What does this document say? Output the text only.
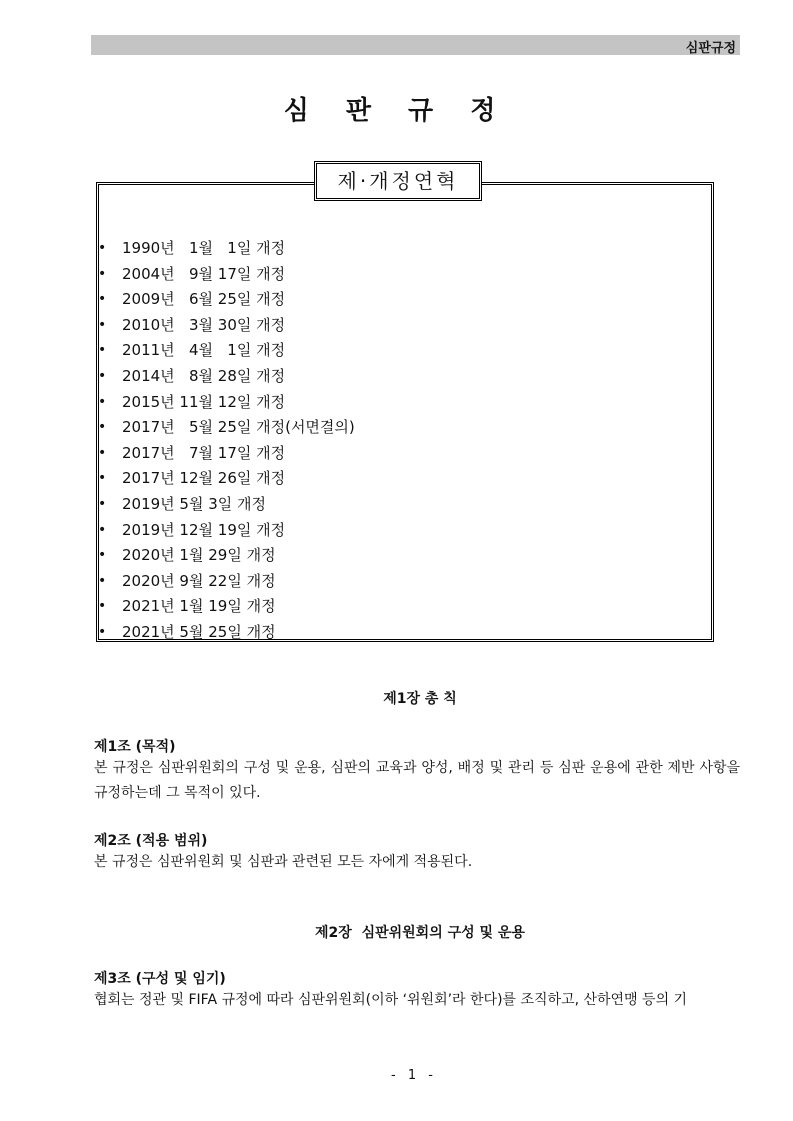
심판규정
심 판 규 정
제·개정연혁
• 1990년   1월   1일 개정
• 2004년   9월 17일 개정
• 2009년   6월 25일 개정
• 2010년   3월 30일 개정
• 2011년   4월   1일 개정
• 2014년   8월 28일 개정
• 2015년 11월 12일 개정
• 2017년   5월 25일 개정(서면결의)
• 2017년   7월 17일 개정
• 2017년 12월 26일 개정
• 2019년 5월 3일 개정
• 2019년 12월 19일 개정
• 2020년 1월 29일 개정
• 2020년 9월 22일 개정
• 2021년 1월 19일 개정
• 2021년 5월 25일 개정
제1장 총 칙
제1조 (목적)
본 규정은 심판위원회의 구성 및 운용, 심판의 교육과 양성, 배정 및 관리 등 심판 운용에 관한 제반 사항을 규정하는데 그 목적이 있다.
제2조 (적용 범위)
본 규정은 심판위원회 및 심판과 관련된 모든 자에게 적용된다.
제2장  심판위원회의 구성 및 운용
제3조 (구성 및 임기)
협회는 정관 및 FIFA 규정에 따라 심판위원회(이하 ‘위원회’라 한다)를 조직하고, 산하연맹 등의 기
- 1 -
